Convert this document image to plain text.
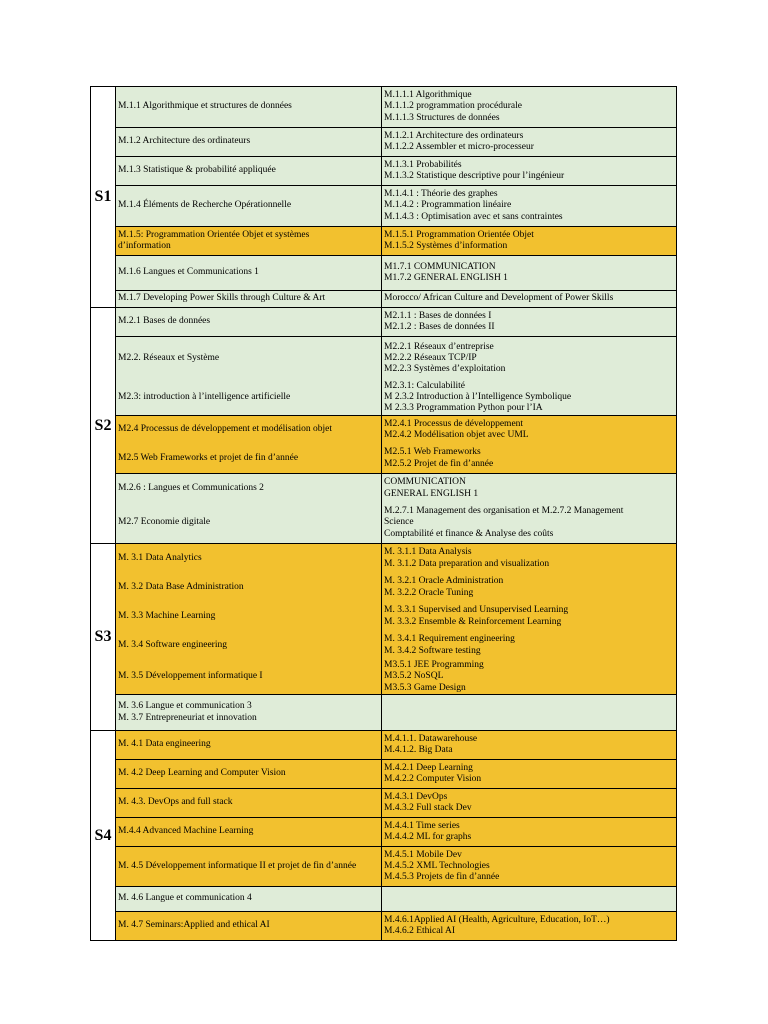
S1
M.1.1 Algorithmique et structures de données
M.1.1.1 Algorithmique
M.1.1.2 programmation procédurale
M.1.1.3 Structures de données
M.1.2 Architecture des ordinateurs
M.1.2.1 Architecture des ordinateurs
M.1.2.2 Assembler et micro-processeur
M.1.3 Statistique & probabilité appliquée
M.1.3.1 Probabilités
M.1.3.2 Statistique descriptive pour l’ingénieur
M.1.4 Éléments de Recherche Opérationnelle
M.1.4.1 : Théorie des graphes
M.1.4.2 : Programmation linéaire
M.1.4.3 : Optimisation avec et sans contraintes
M.1.5: Programmation Orientée Objet et systèmes
d’information
M.1.5.1 Programmation Orientée Objet
M.1.5.2 Systèmes d’information
M.1.6 Langues et Communications 1
M1.7.1 COMMUNICATION
M1.7.2 GENERAL ENGLISH 1
M.1.7 Developing Power Skills through Culture & Art	Morocco/ African Culture and Development of Power Skills
S2
M.2.1 Bases de données
M2.1.1 : Bases de données I
M2.1.2 : Bases de données II
M2.2. Réseaux et Système
M2.2.1 Réseaux d’entreprise
M2.2.2 Réseaux TCP/IP
M2.2.3 Systèmes d’exploitation
M2.3: introduction à l’intelligence artificielle
M2.3.1: Calculabilité
M 2.3.2 Introduction à l’Intelligence Symbolique
M 2.3.3 Programmation Python pour l’IA
M2.4 Processus de développement et modélisation objet
M2.4.1 Processus de développement
M2.4.2 Modélisation objet avec UML
M2.5 Web Frameworks et projet de fin d’année
M2.5.1 Web Frameworks
M2.5.2 Projet de fin d’année
M.2.6 : Langues et Communications 2
COMMUNICATION
GENERAL ENGLISH 1
M2.7 Economie digitale
M.2.7.1 Management des organisation et M.2.7.2 Management
Science
Comptabilité et finance & Analyse des coûts
S3
M. 3.1 Data Analytics
M. 3.1.1 Data Analysis
M. 3.1.2 Data preparation and visualization
M. 3.2 Data Base Administration
M. 3.2.1 Oracle Administration
M. 3.2.2 Oracle Tuning
M. 3.3 Machine Learning
M. 3.3.1 Supervised and Unsupervised Learning
M. 3.3.2 Ensemble & Reinforcement Learning
M. 3.4 Software engineering
M. 3.4.1 Requirement engineering
M. 3.4.2 Software testing
M. 3.5 Développement informatique I
M3.5.1 JEE Programming
M3.5.2 NoSQL
M3.5.3 Game Design
M. 3.6 Langue et communication 3
M. 3.7 Entrepreneuriat et innovation
S4
M. 4.1 Data engineering
M.4.1.1. Datawarehouse
M.4.1.2. Big Data
M. 4.2 Deep Learning and Computer Vision
M.4.2.1 Deep Learning
M.4.2.2 Computer Vision
M. 4.3. DevOps and full stack
M.4.3.1 DevOps
M.4.3.2 Full stack Dev
M.4.4 Advanced Machine Learning
M.4.4.1 Time series
M.4.4.2 ML for graphs
M. 4.5 Développement informatique II et projet de fin d’année
M.4.5.1 Mobile Dev
M.4.5.2 XML Technologies
M.4.5.3 Projets de fin d’année
M. 4.6 Langue et communication 4
M. 4.7 Seminars:Applied and ethical AI
M.4.6.1Applied AI (Health, Agriculture, Education, IoT…)
M.4.6.2 Ethical AI
